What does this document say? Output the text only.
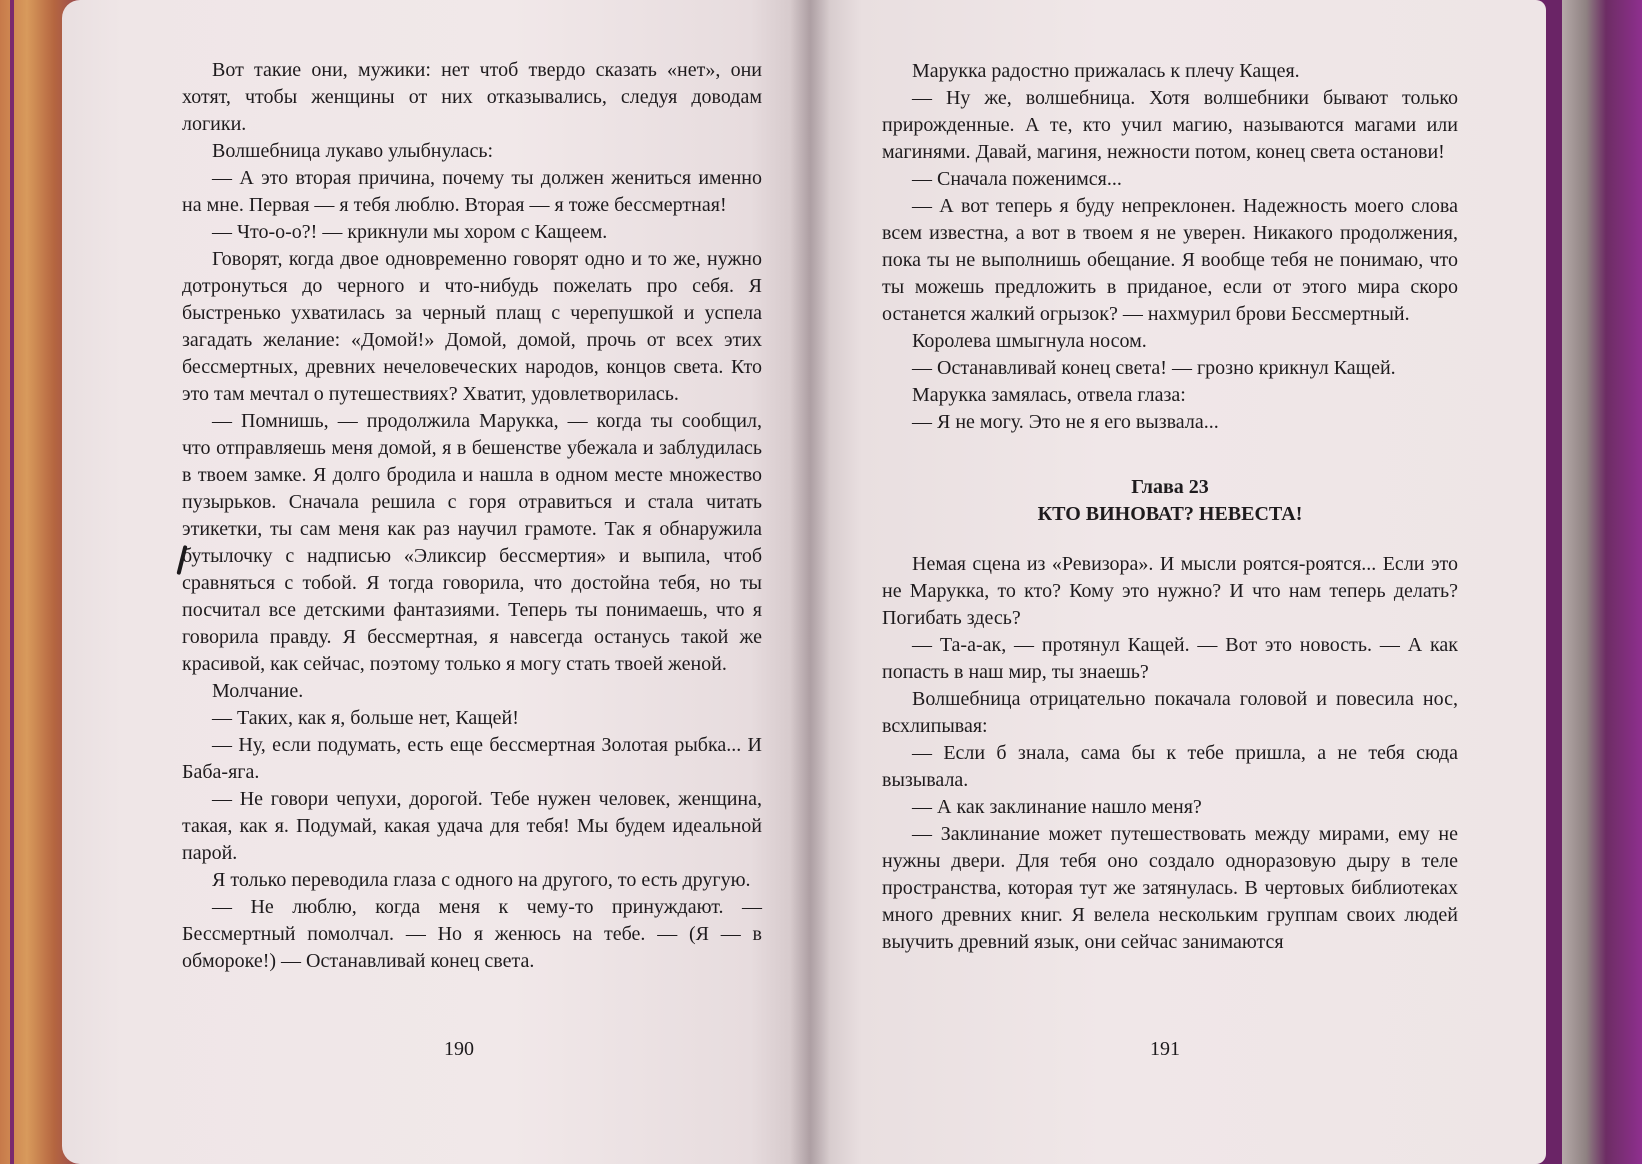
Вот такие они, мужики: нет чтоб твердо сказать «нет», они хотят, чтобы женщины от них отказывались, следуя доводам логики.

Волшебница лукаво улыбнулась:

— А это вторая причина, почему ты должен жениться именно на мне. Первая — я тебя люблю. Вторая — я тоже бессмертная!

— Что-о-о?! — крикнули мы хором с Кащеем.

Говорят, когда двое одновременно говорят одно и то же, нужно дотронуться до черного и что-нибудь пожелать про себя. Я быстренько ухватилась за черный плащ с черепушкой и успела загадать желание: «Домой!» Домой, домой, прочь от всех этих бессмертных, древних нечеловеческих народов, концов света. Кто это там мечтал о путешествиях? Хватит, удовлетворилась.

— Помнишь, — продолжила Марукка, — когда ты сообщил, что отправляешь меня домой, я в бешенстве убежала и заблудилась в твоем замке. Я долго бродила и нашла в одном месте множество пузырьков. Сначала решила с горя отравиться и стала читать этикетки, ты сам меня как раз научил грамоте. Так я обнаружила бутылочку с надписью «Эликсир бессмертия» и выпила, чтоб сравняться с тобой. Я тогда говорила, что достойна тебя, но ты посчитал все детскими фантазиями. Теперь ты понимаешь, что я говорила правду. Я бессмертная, я навсегда останусь такой же красивой, как сейчас, поэтому только я могу стать твоей женой.

Молчание.

— Таких, как я, больше нет, Кащей!

— Ну, если подумать, есть еще бессмертная Золотая рыбка... И Баба-яга.

— Не говори чепухи, дорогой. Тебе нужен человек, женщина, такая, как я. Подумай, какая удача для тебя! Мы будем идеальной парой.

Я только переводила глаза с одного на другого, то есть другую.

— Не люблю, когда меня к чему-то принуждают. — Бессмертный помолчал. — Но я женюсь на тебе. — (Я — в обмороке!) — Останавливай конец света.

190

Марукка радостно прижалась к плечу Кащея.

— Ну же, волшебница. Хотя волшебники бывают только прирожденные. А те, кто учил магию, называются магами или магинями. Давай, магиня, нежности потом, конец света останови!

— Сначала поженимся...

— А вот теперь я буду непреклонен. Надежность моего слова всем известна, а вот в твоем я не уверен. Никакого продолжения, пока ты не выполнишь обещание. Я вообще тебя не понимаю, что ты можешь предложить в приданое, если от этого мира скоро останется жалкий огрызок? — нахмурил брови Бессмертный.

Королева шмыгнула носом.

— Останавливай конец света! — грозно крикнул Кащей.

Марукка замялась, отвела глаза:

— Я не могу. Это не я его вызвала...

Глава 23

КТО ВИНОВАТ? НЕВЕСТА!

Немая сцена из «Ревизора». И мысли роятся-роятся... Если это не Марукка, то кто? Кому это нужно? И что нам теперь делать? Погибать здесь?

— Та-а-ак, — протянул Кащей. — Вот это новость. — А как попасть в наш мир, ты знаешь?

Волшебница отрицательно покачала головой и повесила нос, всхлипывая:

— Если б знала, сама бы к тебе пришла, а не тебя сюда вызывала.

— А как заклинание нашло меня?

— Заклинание может путешествовать между мирами, ему не нужны двери. Для тебя оно создало одноразовую дыру в теле пространства, которая тут же затянулась. В чертовых библиотеках много древних книг. Я велела нескольким группам своих людей выучить древний язык, они сейчас занимаются

191
